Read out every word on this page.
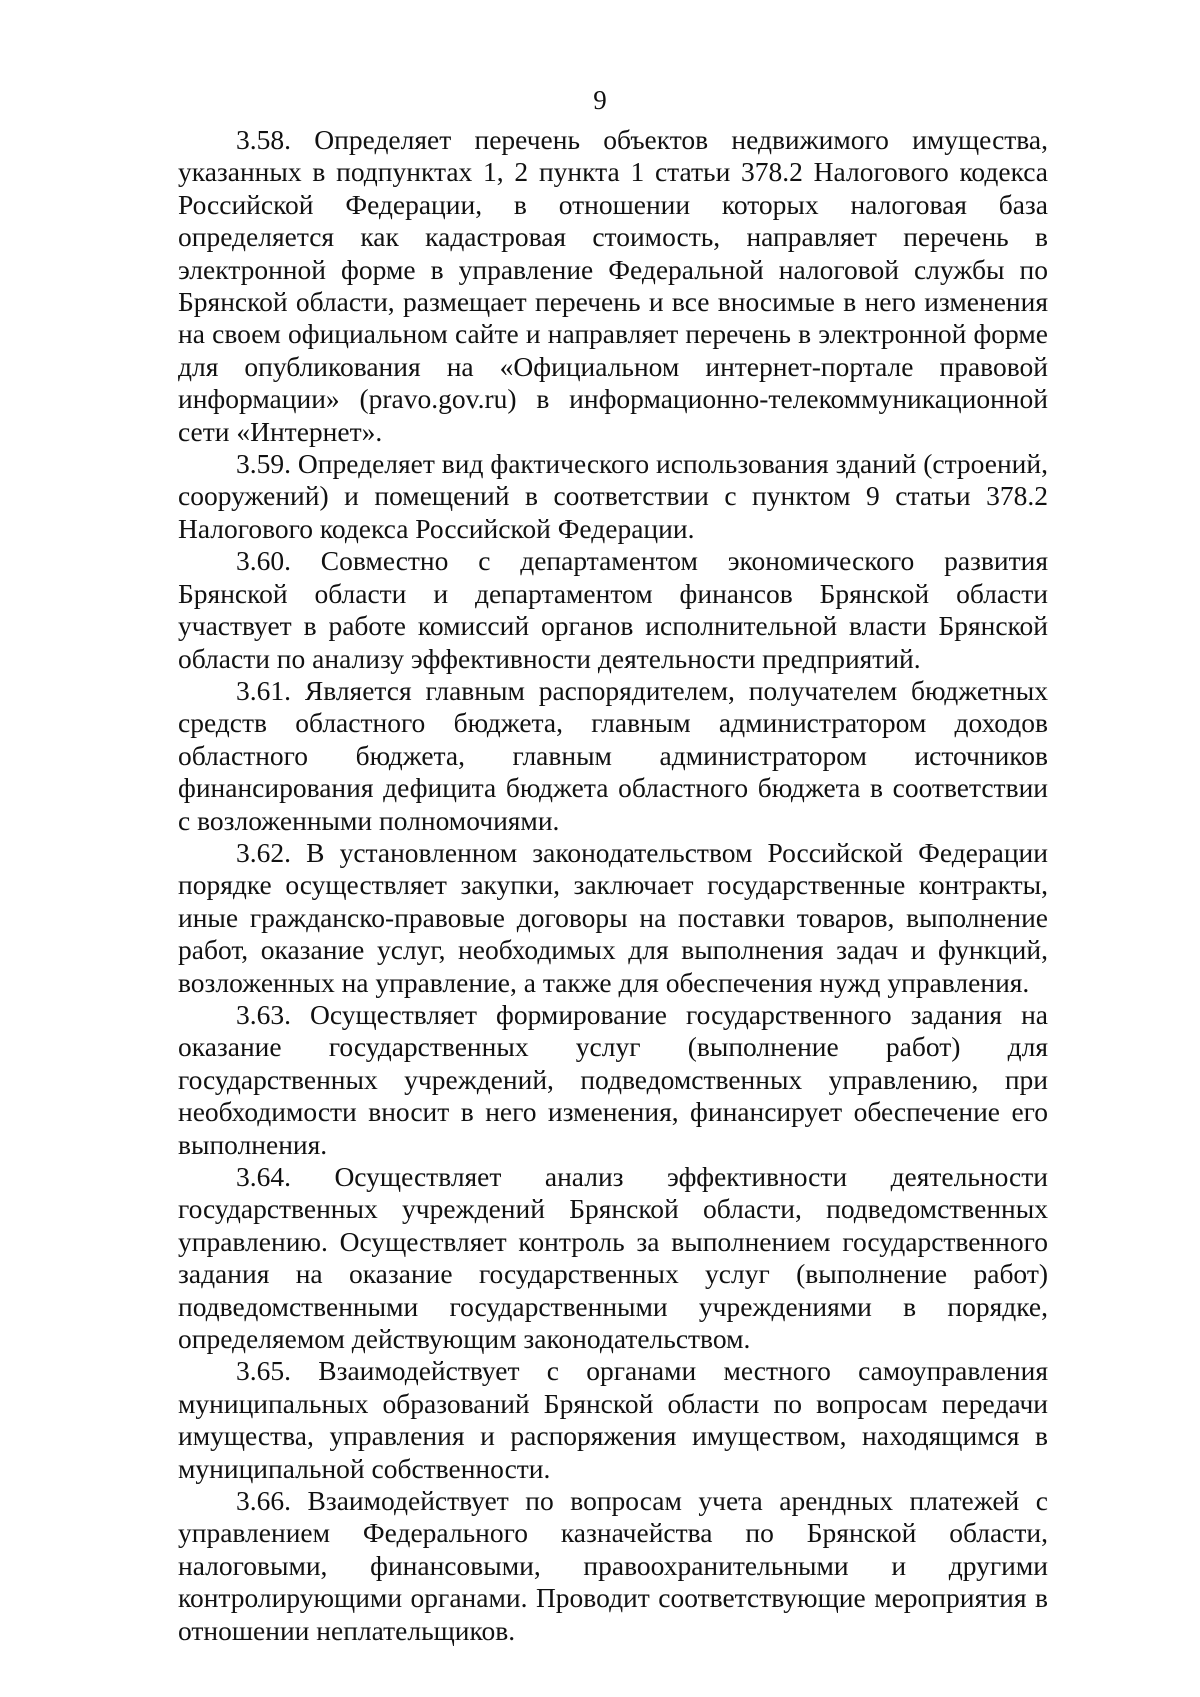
9

3.58. Определяет перечень объектов недвижимого имущества, указанных в подпунктах 1, 2 пункта 1 статьи 378.2 Налогового кодекса Российской Федерации, в отношении которых налоговая база определяется как кадастровая стоимость, направляет перечень в электронной форме в управление Федеральной налоговой службы по Брянской области, размещает перечень и все вносимые в него изменения на своем официальном сайте и направляет перечень в электронной форме для опубликования на «Официальном интернет-портале правовой информации» (pravo.gov.ru) в информационно-телекоммуникационной сети «Интернет».

3.59. Определяет вид фактического использования зданий (строений, сооружений) и помещений в соответствии с пунктом 9 статьи 378.2 Налогового кодекса Российской Федерации.

3.60. Совместно с департаментом экономического развития Брянской области и департаментом финансов Брянской области участвует в работе комиссий органов исполнительной власти Брянской области по анализу эффективности деятельности предприятий.

3.61. Является главным распорядителем, получателем бюджетных средств областного бюджета, главным администратором доходов областного бюджета, главным администратором источников финансирования дефицита бюджета областного бюджета в соответствии с возложенными полномочиями.

3.62. В установленном законодательством Российской Федерации порядке осуществляет закупки, заключает государственные контракты, иные гражданско-правовые договоры на поставки товаров, выполнение работ, оказание услуг, необходимых для выполнения задач и функций, возложенных на управление, а также для обеспечения нужд управления.

3.63. Осуществляет формирование государственного задания на оказание государственных услуг (выполнение работ) для государственных учреждений, подведомственных управлению, при необходимости вносит в него изменения, финансирует обеспечение его выполнения.

3.64. Осуществляет анализ эффективности деятельности государственных учреждений Брянской области, подведомственных управлению. Осуществляет контроль за выполнением государственного задания на оказание государственных услуг (выполнение работ) подведомственными государственными учреждениями в порядке, определяемом действующим законодательством.

3.65. Взаимодействует с органами местного самоуправления муниципальных образований Брянской области по вопросам передачи имущества, управления и распоряжения имуществом, находящимся в муниципальной собственности.

3.66. Взаимодействует по вопросам учета арендных платежей с управлением Федерального казначейства по Брянской области, налоговыми, финансовыми, правоохранительными и другими контролирующими органами. Проводит соответствующие мероприятия в отношении неплательщиков.
